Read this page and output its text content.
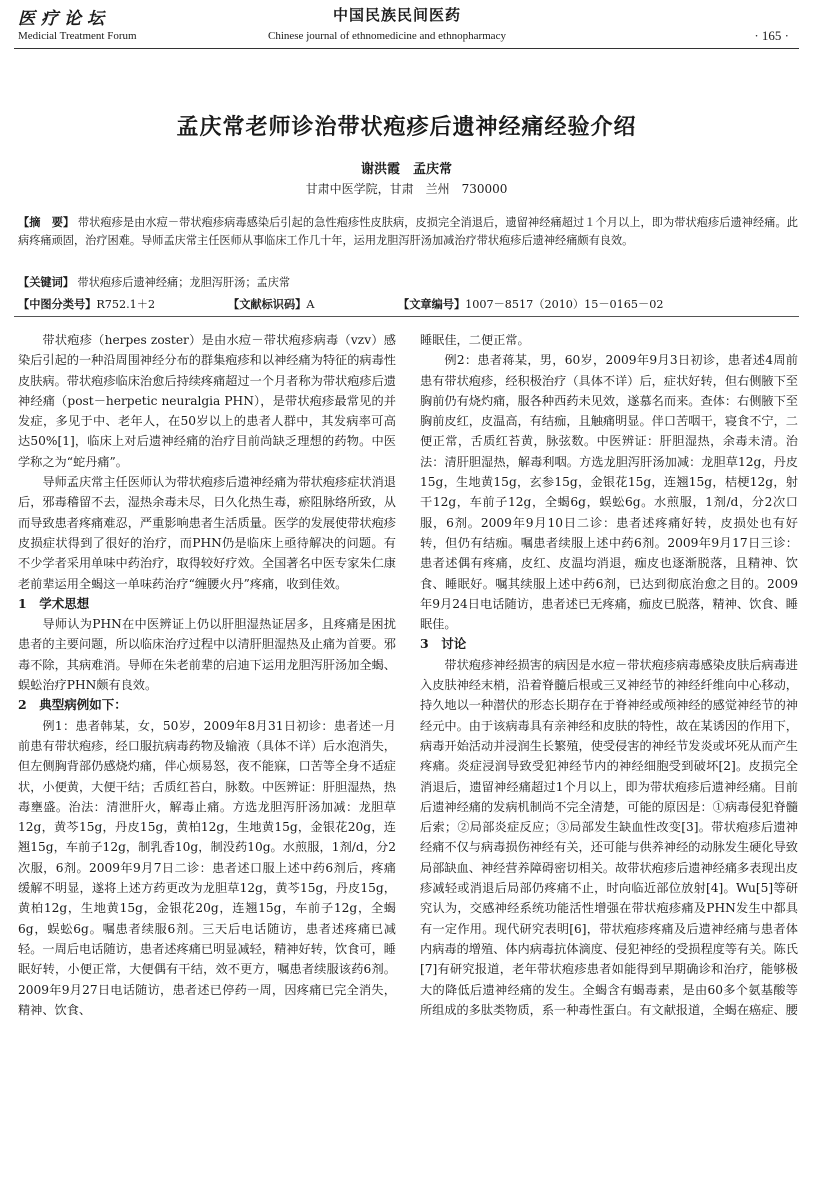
医疗论坛
Medicial Treatment Forum
中国民族民间医药
Chinese journal of ethnomedicine and ethnopharmacy	· 165 ·
孟庆常老师诊治带状疱疹后遗神经痛经验介绍
谢洪霞　孟庆常
甘肃中医学院，甘肃　兰州　730000
【摘　要】 带状疱疹是由水痘－带状疱疹病毒感染后引起的急性疱疹性皮肤病，皮损完全消退后，遗留神经痛超过１个月以上，即为带状疱疹后遗神经痛。此病疼痛顽固，治疗困难。导师孟庆常主任医师从事临床工作几十年，运用龙胆泻肝汤加减治疗带状疱疹后遗神经痛颇有良效。
【关键词】 带状疱疹后遗神经痛；龙胆泻肝汤；孟庆常
【中图分类号】R752.1＋2	【文献标识码】A	【文章编号】1007－8517（2010）15－0165－02

带状疱疹（herpes zoster）是由水痘－带状疱疹病毒（vzv）感染后引起的一种沿周围神经分布的群集疱疹和以神经痛为特征的病毒性皮肤病。带状疱疹临床治愈后持续疼痛超过一个月者称为带状疱疹后遗神经痛（post－herpetic neuralgia PHN），是带状疱疹最常见的并发症，多见于中、老年人，在50岁以上的患者人群中，其发病率可高达50%[1]，临床上对后遗神经痛的治疗目前尚缺乏理想的药物。中医学称之为“蛇丹痛”。

导师孟庆常主任医师认为带状疱疹后遗神经痛为带状疱疹症状消退后，邪毒稽留不去，湿热余毒未尽，日久化热生毒，瘀阻脉络所致，从而导致患者疼痛难忍，严重影响患者生活质量。医学的发展使带状疱疹皮损症状得到了很好的治疗，而PHN仍是临床上亟待解决的问题。有不少学者采用单味中药治疗，取得较好疗效。全国著名中医专家朱仁康老前辈运用全蝎这一单味药治疗“缠腰火丹”疼痛，收到佳效。

1　学术思想

导师认为PHN在中医辨证上仍以肝胆湿热证居多，且疼痛是困扰患者的主要问题，所以临床治疗过程中以清肝胆湿热及止痛为首要。邪毒不除，其病难消。导师在朱老前辈的启迪下运用龙胆泻肝汤加全蝎、蜈蚣治疗PHN颇有良效。

2　典型病例如下：

例1：患者韩某，女，50岁，2009年8月31日初诊：患者述一月前患有带状疱疹，经口服抗病毒药物及输液（具体不详）后水泡消失，但左侧胸背部仍感烧灼痛，伴心烦易怒，夜不能寐，口苦等全身不适症状，小便黄，大便干结；舌质红苔白，脉数。中医辨证：肝胆湿热，热毒壅盛。治法：清泄肝火，解毒止痛。方选龙胆泻肝汤加减：龙胆草12g，黄芩15g，丹皮15g，黄柏12g，生地黄15g，金银花20g，连翘15g，车前子12g，制乳香10g，制没药10g。水煎服，1剂/d，分2次服，6剂。2009年9月7日二诊：患者述口服上述中药6剂后，疼痛缓解不明显，遂将上述方药更改为龙胆草12g，黄芩15g，丹皮15g，黄柏12g，生地黄15g，金银花20g，连翘15g，车前子12g，全蝎6g，蜈蚣6g。嘱患者续服6剂。三天后电话随访，患者述疼痛已减轻。一周后电话随访，患者述疼痛已明显减轻，精神好转，饮食可，睡眠好转，小便正常，大便偶有干结，效不更方，嘱患者续服该药6剂。2009年9月27日电话随访，患者述已停药一周，因疼痛已完全消失，精神、饮食、

睡眠佳，二便正常。

例2：患者蒋某，男，60岁，2009年9月3日初诊，患者述4周前患有带状疱疹，经积极治疗（具体不详）后，症状好转，但右侧腋下至胸前仍有烧灼痛，服各种西药未见效，遂慕名而来。查体：右侧腋下至胸前皮红，皮温高，有结痂，且触痛明显。伴口苦咽干，寝食不宁，二便正常，舌质红苔黄，脉弦数。中医辨证：肝胆湿热，余毒未清。治法：清肝胆湿热，解毒利咽。方选龙胆泻肝汤加减：龙胆草12g，丹皮15g，生地黄15g，玄参15g，金银花15g，连翘15g，桔梗12g，射干12g，车前子12g，全蝎6g，蜈蚣6g。水煎服，1剂/d，分2次口服，6剂。2009年9月10日二诊：患者述疼痛好转，皮损处也有好转，但仍有结痂。嘱患者续服上述中药6剂。2009年9月17日三诊：患者述偶有疼痛，皮红、皮温均消退，痂皮也逐渐脱落，且精神、饮食、睡眠好。嘱其续服上述中药6剂，已达到彻底治愈之目的。2009年9月24日电话随访，患者述已无疼痛，痂皮已脱落，精神、饮食、睡眠佳。

3　讨论

带状疱疹神经损害的病因是水痘－带状疱疹病毒感染皮肤后病毒进入皮肤神经末梢，沿着脊髓后根或三叉神经节的神经纤维向中心移动，持久地以一种潜伏的形态长期存在于脊神经或颅神经的感觉神经节的神经元中。由于该病毒具有亲神经和皮肤的特性，故在某诱因的作用下，病毒开始活动并浸润生长繁殖，使受侵害的神经节发炎或坏死从而产生疼痛。炎症浸润导致受犯神经节内的神经细胞受到破坏[2]。皮损完全消退后，遗留神经痛超过1个月以上，即为带状疱疹后遗神经痛。目前后遗神经痛的发病机制尚不完全清楚，可能的原因是：①病毒侵犯脊髓后索；②局部炎症反应；③局部发生缺血性改变[3]。带状疱疹后遗神经痛不仅与病毒损伤神经有关，还可能与供养神经的动脉发生硬化导致局部缺血、神经营养障碍密切相关。故带状疱疹后遗神经痛多表现出皮疹减轻或消退后局部仍疼痛不止，时向临近部位放射[4]。Wu[5]等研究认为，交感神经系统功能活性增强在带状疱疹痛及PHN发生中都具有一定作用。现代研究表明[6]，带状疱疹疼痛及后遗神经痛与患者体内病毒的增殖、体内病毒抗体滴度、侵犯神经的受损程度等有关。陈氏[7]有研究报道，老年带状疱疹患者如能得到早期确诊和治疗，能够极大的降低后遗神经痛的发生。全蝎含有蝎毒素，是由60多个氨基酸等所组成的多肽类物质，系一种毒性蛋白。有文献报道，全蝎在癌症、腰
